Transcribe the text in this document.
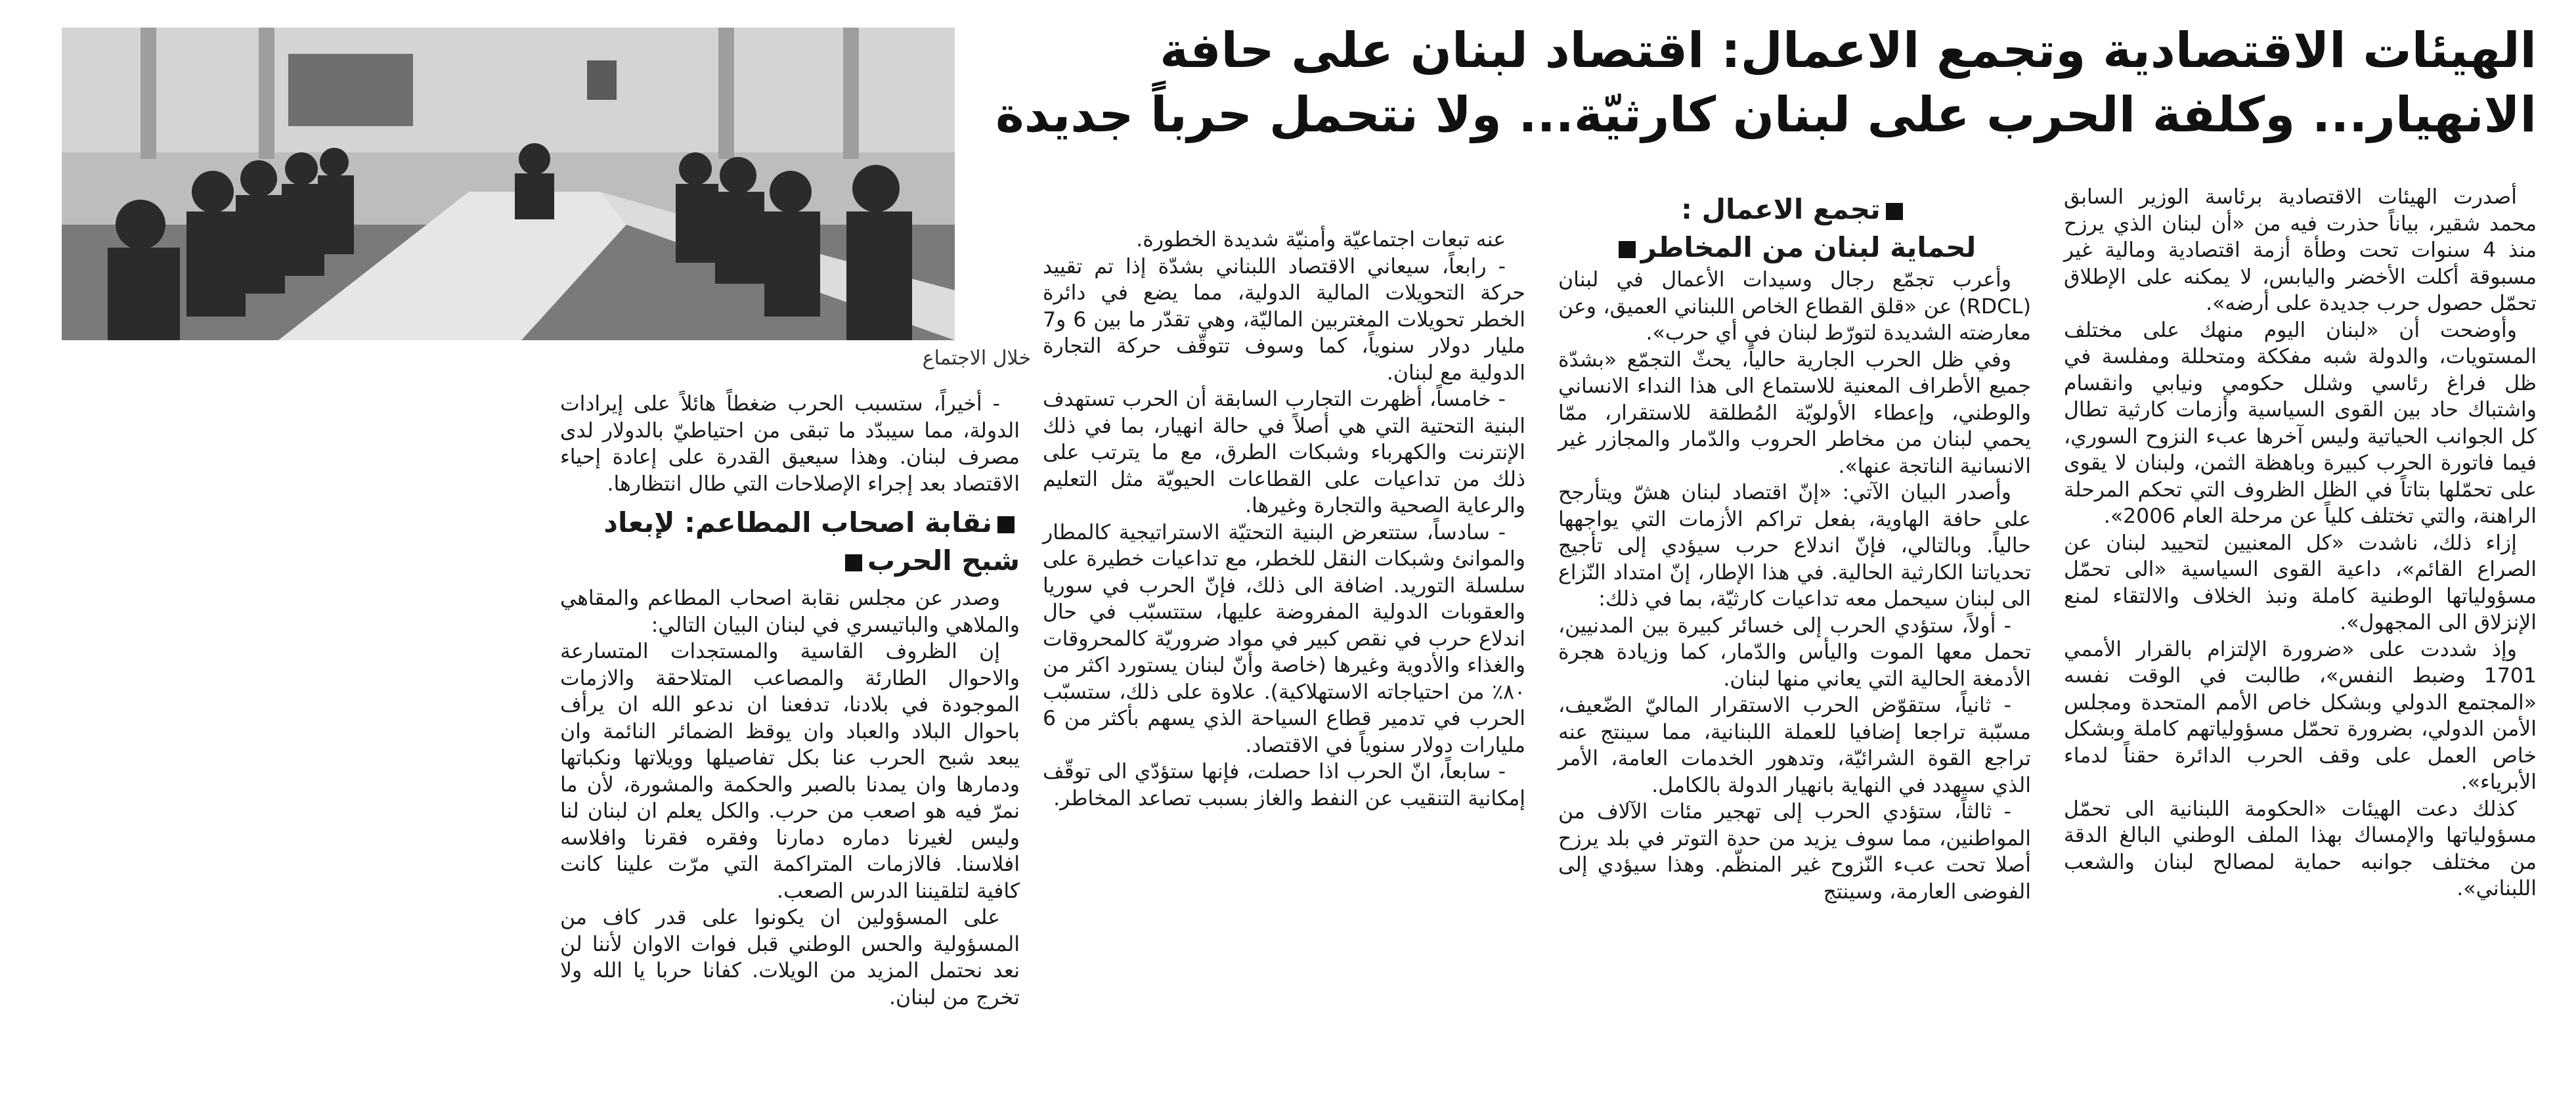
الهيئات الاقتصادية وتجمع الاعمال: اقتصاد لبنان على حافة
الانهيار... وكلفة الحرب على لبنان كارثيّة... ولا نتحمل حرباً جديدة
خلال الاجتماع

أصدرت الهيئات الاقتصادية برئاسة الوزير السابق محمد شقير، بياناً حذرت فيه من «أن لبنان الذي يرزح منذ 4 سنوات تحت وطأة أزمة اقتصادية ومالية غير مسبوقة أكلت الأخضر واليابس، لا يمكنه على الإطلاق تحمّل حصول حرب جديدة على أرضه».

وأوضحت أن «لبنان اليوم منهك على مختلف المستويات، والدولة شبه مفككة ومتحللة ومفلسة في ظل فراغ رئاسي وشلل حكومي ونيابي وانقسام واشتباك حاد بين القوى السياسية وأزمات كارثية تطال كل الجوانب الحياتية وليس آخرها عبء النزوح السوري، فيما فاتورة الحرب كبيرة وباهظة الثمن، ولبنان لا يقوى على تحمّلها بتاتاً في الظل الظروف التي تحكم المرحلة الراهنة، والتي تختلف كلياً عن مرحلة العام 2006».

إزاء ذلك، ناشدت «كل المعنيين لتحييد لبنان عن الصراع القائم»، داعية القوى السياسية «الى تحمّل مسؤولياتها الوطنية كاملة ونبذ الخلاف والالتقاء لمنع الإنزلاق الى المجهول».

وإذ شددت على «ضرورة الإلتزام بالقرار الأممي 1701 وضبط النفس»، طالبت في الوقت نفسه «المجتمع الدولي وبشكل خاص الأمم المتحدة ومجلس الأمن الدولي، بضرورة تحمّل مسؤولياتهم كاملة وبشكل خاص العمل على وقف الحرب الدائرة حقناً لدماء الأبرياء».

كذلك دعت الهيئات «الحكومة اللبنانية الى تحمّل مسؤولياتها والإمساك بهذا الملف الوطني البالغ الدقة من مختلف جوانبه حماية لمصالح لبنان والشعب اللبناني».

تجمع الاعمال :

لحماية لبنان من المخاطر

وأعرب تجمّع رجال وسيدات الأعمال في لبنان (RDCL) عن «قلق القطاع الخاص اللبناني العميق، وعن معارضته الشديدة لتورّط لبنان في أي حرب».

وفي ظل الحرب الجارية حالياً، يحثّ التجمّع «بشدّة جميع الأطراف المعنية للاستماع الى هذا النداء الانساني والوطني، وإعطاء الأولويّة المُطلقة للاستقرار، ممّا يحمي لبنان من مخاطر الحروب والدّمار والمجازر غير الانسانية الناتجة عنها».

وأصدر البيان الآتي: «إنّ اقتصاد لبنان هشّ ويتأرجح على حافة الهاوية، بفعل تراكم الأزمات التي يواجهها حالياً. وبالتالي، فإنّ اندلاع حرب سيؤدي إلى تأجيج تحدياتنا الكارثية الحالية. في هذا الإطار، إنّ امتداد النّزاع الى لبنان سيحمل معه تداعيات كارثيّة، بما في ذلك:

- أولاً، ستؤدي الحرب إلى خسائر كبيرة بين المدنيين، تحمل معها الموت واليأس والدّمار، كما وزيادة هجرة الأدمغة الحالية التي يعاني منها لبنان.

- ثانياً، ستقوّض الحرب الاستقرار الماليّ الضّعيف، مسبّبة تراجعا إضافيا للعملة اللبنانية، مما سينتج عنه تراجع القوة الشرائيّة، وتدهور الخدمات العامة، الأمر الذي سيهدد في النهاية بانهيار الدولة بالكامل.

- ثالثاً، ستؤدي الحرب إلى تهجير مئات الآلاف من المواطنين، مما سوف يزيد من حدة التوتر في بلد يرزح أصلا تحت عبء النّزوح غير المنظّم. وهذا سيؤدي إلى الفوضى العارمة، وسينتج

عنه تبعات اجتماعيّة وأمنيّة شديدة الخطورة.

- رابعاً، سيعاني الاقتصاد اللبناني بشدّة إذا تم تقييد حركة التحويلات المالية الدولية، مما يضع في دائرة الخطر تحويلات المغتربين الماليّة، وهي تقدّر ما بين 6 و7 مليار دولار سنوياً، كما وسوف تتوقّف حركة التجارة الدولية مع لبنان.

- خامساً، أظهرت التجارب السابقة أن الحرب تستهدف البنية التحتية التي هي أصلاً في حالة انهيار، بما في ذلك الإنترنت والكهرباء وشبكات الطرق، مع ما يترتب على ذلك من تداعيات على القطاعات الحيويّة مثل التعليم والرعاية الصحية والتجارة وغيرها.

- سادساً، ستتعرض البنية التحتيّة الاستراتيجية كالمطار والموانئ وشبكات النقل للخطر، مع تداعيات خطيرة على سلسلة التوريد. اضافة الى ذلك، فإنّ الحرب في سوريا والعقوبات الدولية المفروضة عليها، ستتسبّب في حال اندلاع حرب في نقص كبير في مواد ضروريّة كالمحروقات والغذاء والأدوية وغيرها (خاصة وأنّ لبنان يستورد اكثر من ٨٠٪ من احتياجاته الاستهلاكية). علاوة على ذلك، ستسبّب الحرب في تدمير قطاع السياحة الذي يسهم بأكثر من 6 مليارات دولار سنوياً في الاقتصاد.

- سابعاً، انّ الحرب اذا حصلت، فإنها ستؤدّي الى توقّف إمكانية التنقيب عن النفط والغاز بسبب تصاعد المخاطر.

- أخيراً، ستسبب الحرب ضغطاً هائلاً على إيرادات الدولة، مما سيبدّد ما تبقى من احتياطيّ بالدولار لدى مصرف لبنان. وهذا سيعيق القدرة على إعادة إحياء الاقتصاد بعد إجراء الإصلاحات التي طال انتظارها.

نقابة اصحاب المطاعم: لإبعاد شبح الحرب

وصدر عن مجلس نقابة اصحاب المطاعم والمقاهي والملاهي والباتيسري في لبنان البيان التالي:

إن الظروف القاسية والمستجدات المتسارعة والاحوال الطارئة والمصاعب المتلاحقة والازمات الموجودة في بلادنا، تدفعنا ان ندعو الله ان يرأف باحوال البلاد والعباد وان يوقظ الضمائر النائمة وان يبعد شبح الحرب عنا بكل تفاصيلها وويلاتها ونكباتها ودمارها وان يمدنا بالصبر والحكمة والمشورة، لأن ما نمرّ فيه هو اصعب من حرب. والكل يعلم ان لبنان لنا وليس لغيرنا دماره دمارنا وفقره فقرنا وافلاسه افلاسنا. فالازمات المتراكمة التي مرّت علينا كانت كافية لتلقيننا الدرس الصعب.

على المسؤولين ان يكونوا على قدر كاف من المسؤولية والحس الوطني قبل فوات الاوان لأننا لن نعد نحتمل المزيد من الويلات. كفانا حربا يا الله ولا تخرج من لبنان.
